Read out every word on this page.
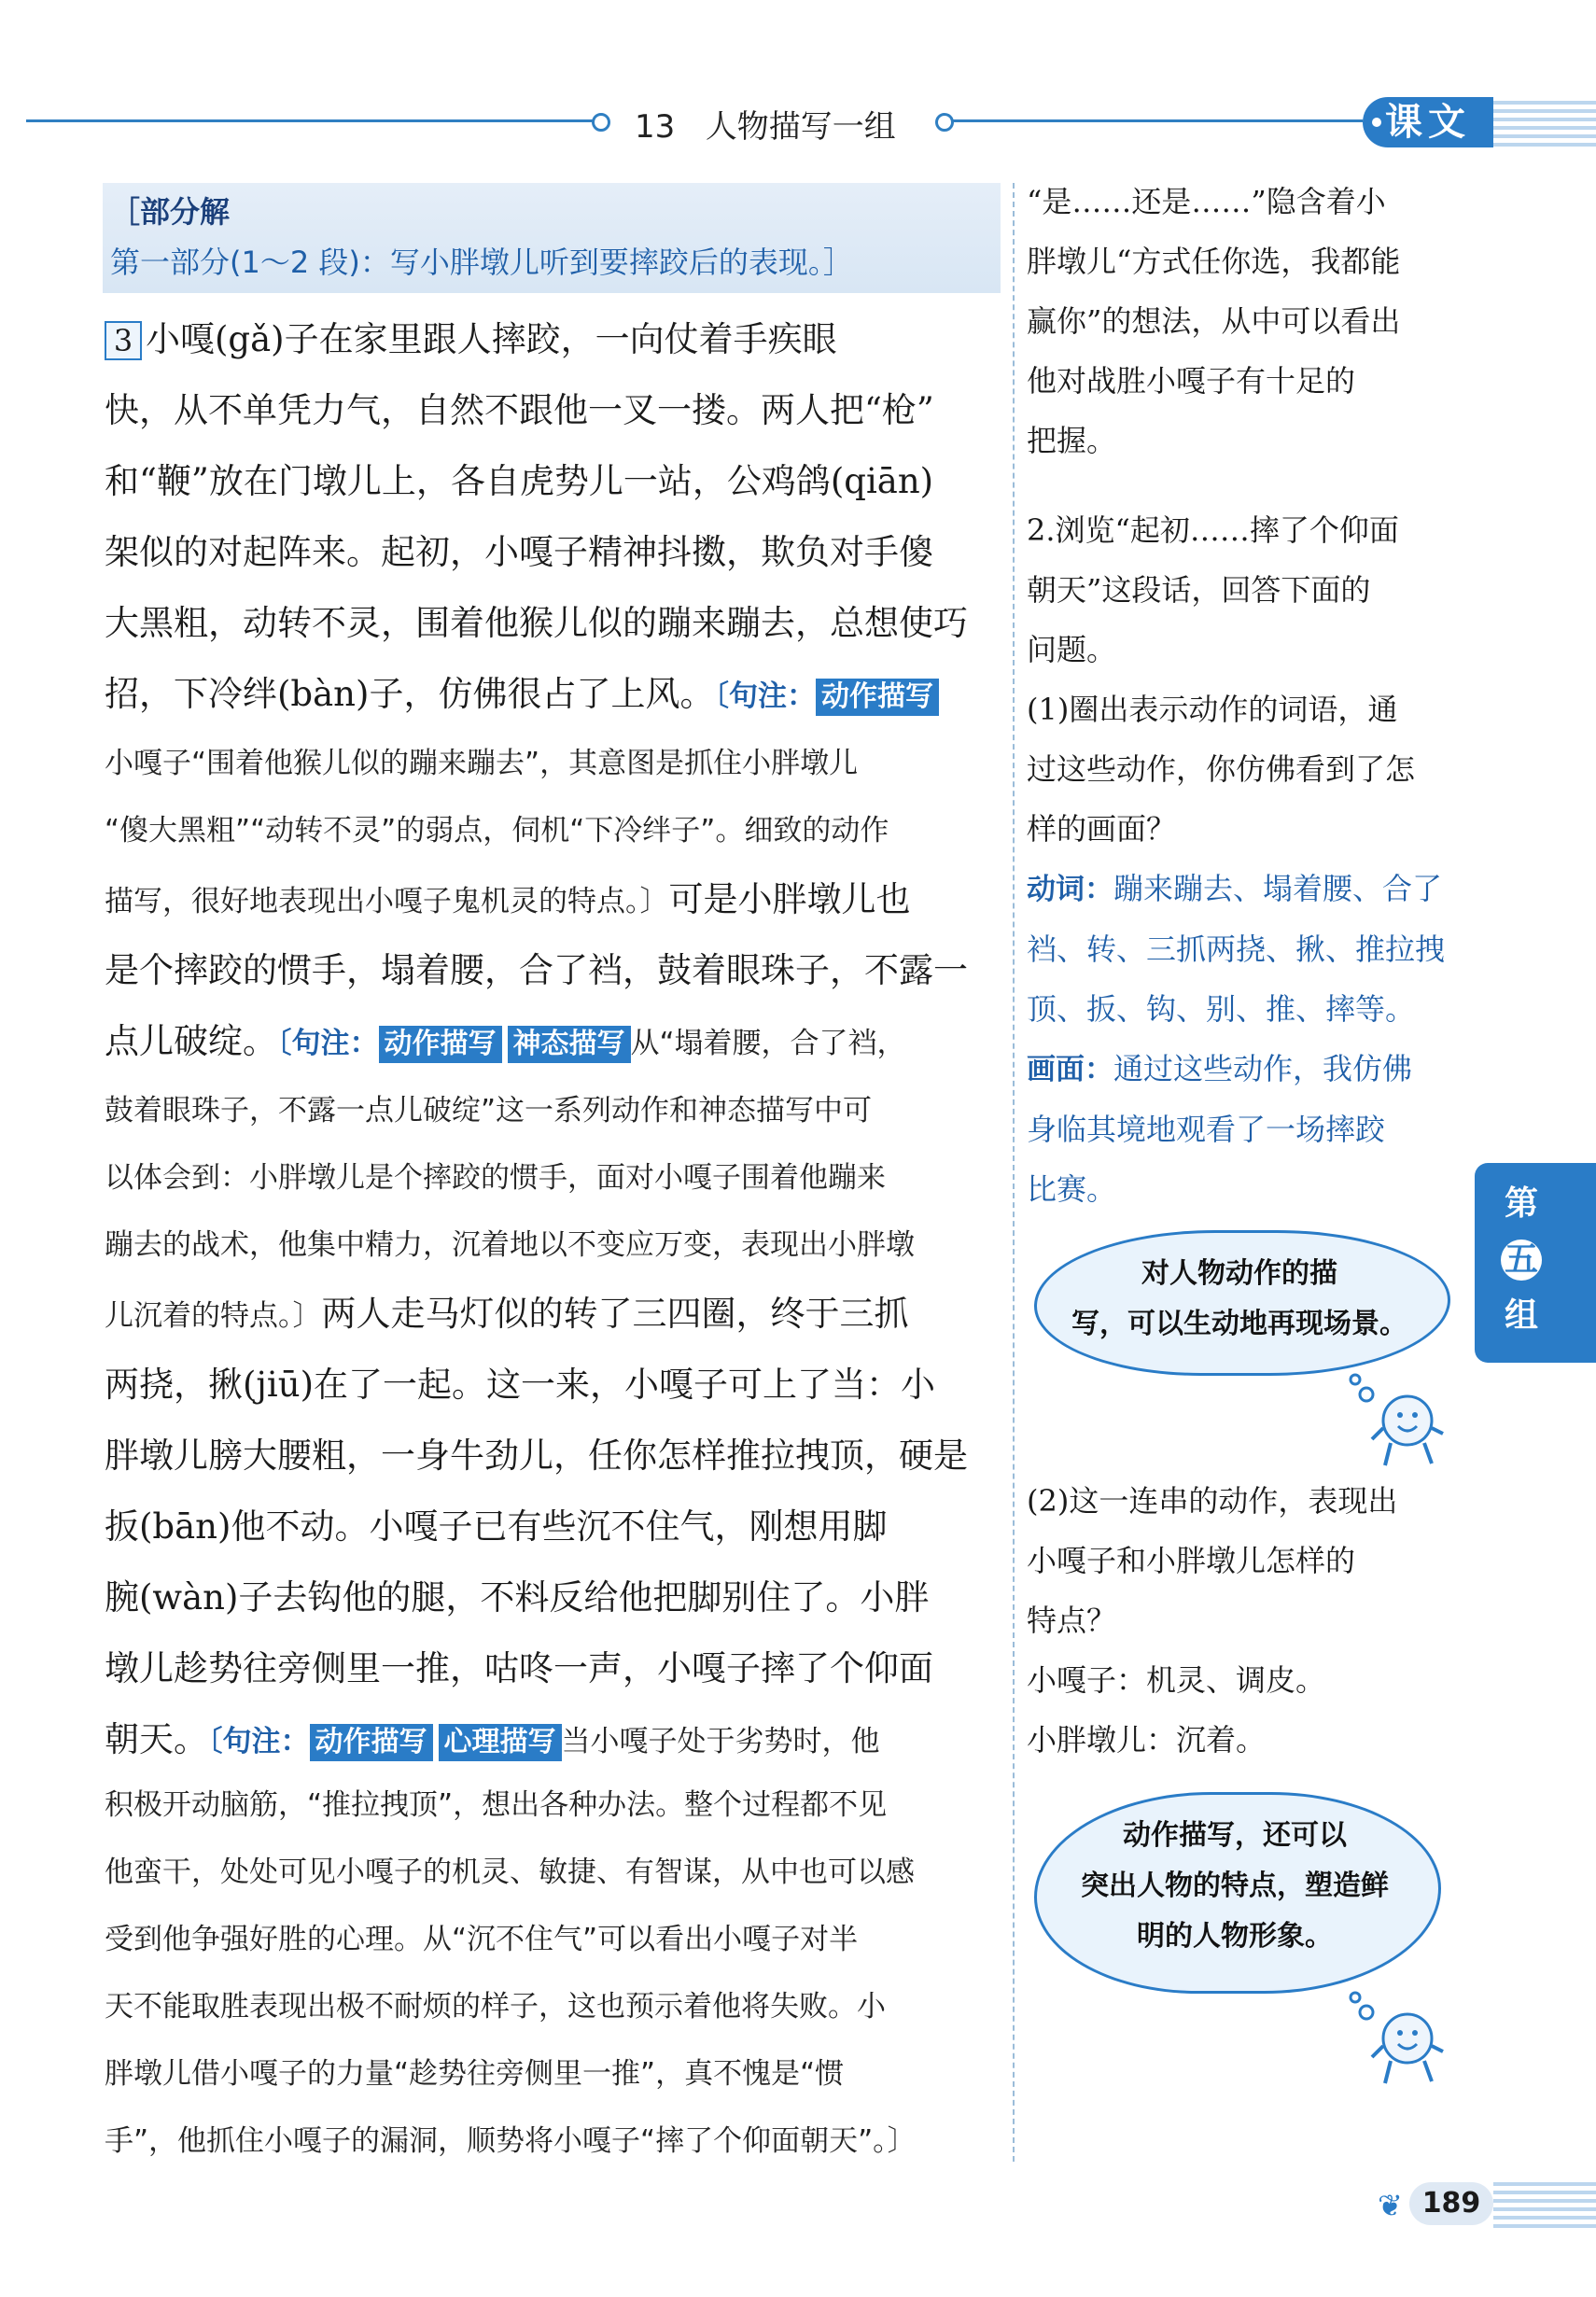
13 人物描写一组	课文
［部分解   第一部分(1～2 段)：写小胖墩儿听到要摔跤后的表现。］
3 小嘎(gǎ)子在家里跟人摔跤，一向仗着手疾眼
快，从不单凭力气，自然不跟他一叉一搂。两人把“枪”
和“鞭”放在门墩儿上，各自虎势儿一站，公鸡鸽(qiān)
架似的对起阵来。起初，小嘎子精神抖擞，欺负对手傻
大黑粗，动转不灵，围着他猴儿似的蹦来蹦去，总想使巧
招，下冷绊(bàn)子，仿佛很占了上风。〔句注： 动作描写
小嘎子“围着他猴儿似的蹦来蹦去”，其意图是抓住小胖墩儿
“傻大黑粗”“动转不灵”的弱点，伺机“下冷绊子”。细致的动作
描写，很好地表现出小嘎子鬼机灵的特点。〕可是小胖墩儿也
是个摔跤的惯手，塌着腰，合了裆，鼓着眼珠子，不露一
点儿破绽。〔句注： 动作描写 神态描写 从“塌着腰，合了裆，
鼓着眼珠子，不露一点儿破绽”这一系列动作和神态描写中可
以体会到：小胖墩儿是个摔跤的惯手，面对小嘎子围着他蹦来
蹦去的战术，他集中精力，沉着地以不变应万变，表现出小胖墩
儿沉着的特点。〕两人走马灯似的转了三四圈，终于三抓
两挠，揪(jiū)在了一起。这一来，小嘎子可上了当：小
胖墩儿膀大腰粗，一身牛劲儿，任你怎样推拉拽顶，硬是
扳(bān)他不动。小嘎子已有些沉不住气，刚想用脚
腕(wàn)子去钩他的腿，不料反给他把脚别住了。小胖
墩儿趁势往旁侧里一推，咕咚一声，小嘎子摔了个仰面
朝天。〔句注： 动作描写 心理描写 当小嘎子处于劣势时，他
积极开动脑筋，“推拉拽顶”，想出各种办法。整个过程都不见
他蛮干，处处可见小嘎子的机灵、敏捷、有智谋，从中也可以感
受到他争强好胜的心理。从“沉不住气”可以看出小嘎子对半
天不能取胜表现出极不耐烦的样子，这也预示着他将失败。小
胖墩儿借小嘎子的力量“趁势往旁侧里一推”，真不愧是“惯
手”，他抓住小嘎子的漏洞，顺势将小嘎子“摔了个仰面朝天”。〕
“是……还是……”隐含着小
胖墩儿“方式任你选，我都能
赢你”的想法，从中可以看出
他对战胜小嘎子有十足的
把握。
2.浏览“起初……摔了个仰面
朝天”这段话，回答下面的
问题。
(1)圈出表示动作的词语，通
过这些动作，你仿佛看到了怎
样的画面？
动词：蹦来蹦去、塌着腰、合了
裆、转、三抓两挠、揪、推拉拽
顶、扳、钩、别、推、摔等。
画面：通过这些动作，我仿佛
身临其境地观看了一场摔跤
比赛。
对人物动作的描
写，可以生动地再现场景。
(2)这一连串的动作，表现出
小嘎子和小胖墩儿怎样的
特点？
小嘎子：机灵、调皮。
小胖墩儿：沉着。
动作描写，还可以
突出人物的特点，塑造鲜
明的人物形象。
第
五
组
❦ 189
